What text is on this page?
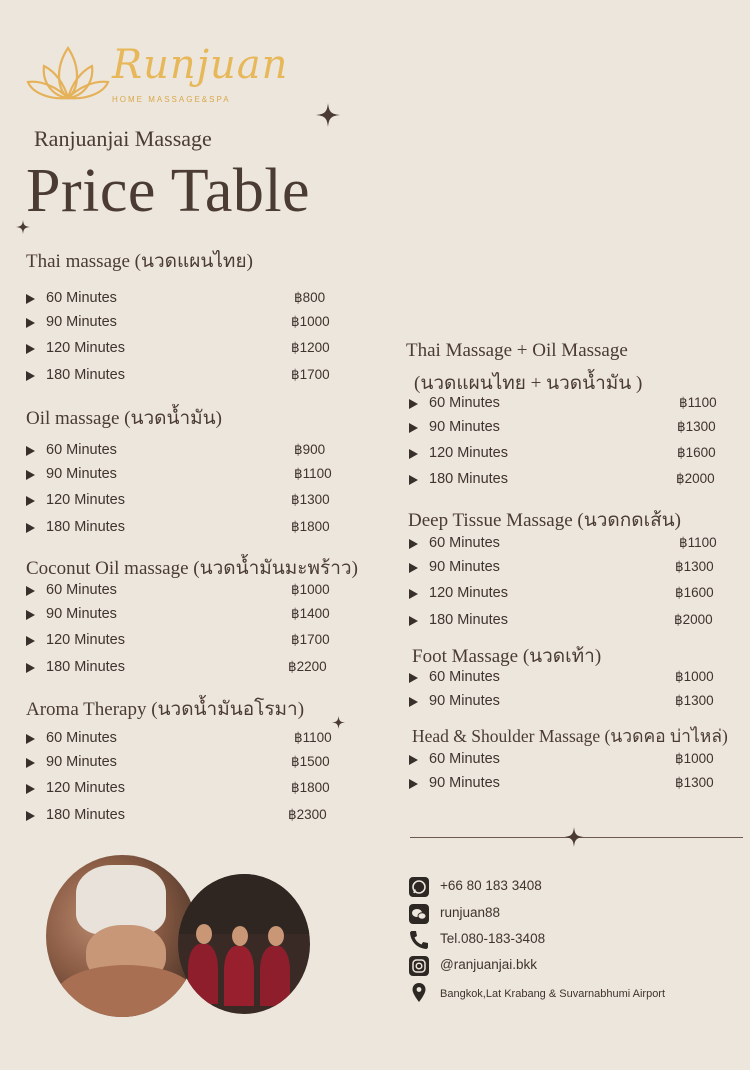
Runjuan
HOME MASSAGE&SPA
Ranjuanjai Massage
Price Table
Thai massage (นวดแผนไทย)
60 Minutes	฿800
90 Minutes	฿1000
120 Minutes	฿1200
180 Minutes	฿1700
Oil massage (นวดน้ำมัน)
60 Minutes	฿900
90 Minutes	฿1100
120 Minutes	฿1300
180 Minutes	฿1800
Coconut Oil massage (นวดน้ำมันมะพร้าว)
60 Minutes	฿1000
90 Minutes	฿1400
120 Minutes	฿1700
180 Minutes	฿2200
Aroma Therapy (นวดน้ำมันอโรมา)
60 Minutes	฿1100
90 Minutes	฿1500
120 Minutes	฿1800
180 Minutes	฿2300
Thai Massage + Oil Massage
(นวดแผนไทย + นวดน้ำมัน )
60 Minutes	฿1100
90 Minutes	฿1300
120 Minutes	฿1600
180 Minutes	฿2000
Deep Tissue Massage (นวดกดเส้น)
60 Minutes	฿1100
90 Minutes	฿1300
120 Minutes	฿1600
180 Minutes	฿2000
Foot Massage (นวดเท้า)
60 Minutes	฿1000
90 Minutes	฿1300
Head & Shoulder Massage (นวดคอ บ่าไหล่)
60 Minutes	฿1000
90 Minutes	฿1300
+66 80 183 3408
runjuan88
Tel.080-183-3408
@ranjuanjai.bkk
Bangkok,Lat Krabang & Suvarnabhumi Airport
